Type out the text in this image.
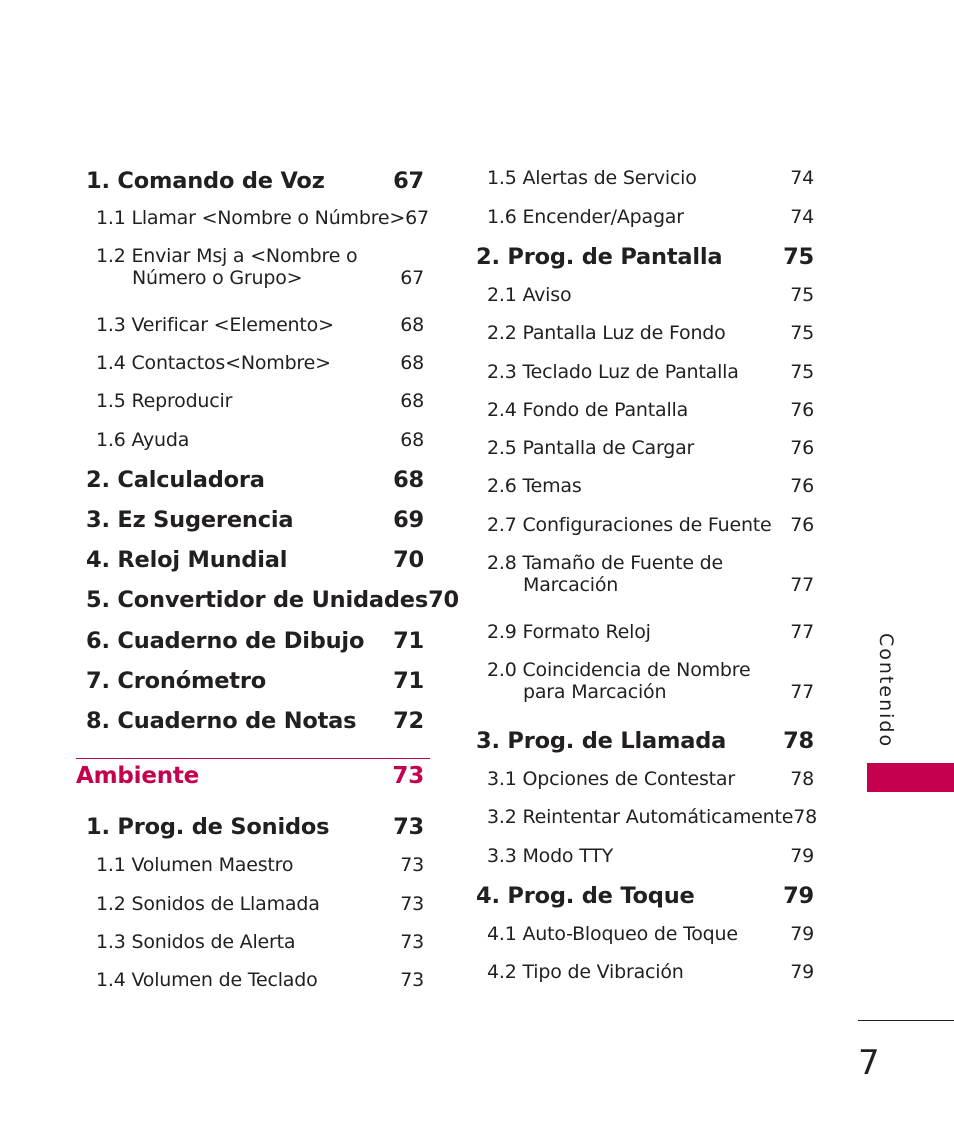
1. Comando de Voz	67
1.1 Llamar <Nombre o Númbre> 67
1.2 Enviar Msj a <Nombre o
Número o Grupo>	67
1.3 Verificar <Elemento>	68
1.4 Contactos<Nombre>	68
1.5 Reproducir	68
1.6 Ayuda	68
2. Calculadora	68
3. Ez Sugerencia	69
4. Reloj Mundial	70
5. Convertidor de Unidades 70
6. Cuaderno de Dibujo 71
7. Cronómetro	71
8. Cuaderno de Notas 72
Ambiente	73
1. Prog. de Sonidos	73
1.1 Volumen Maestro	73
1.2 Sonidos de Llamada	73
1.3 Sonidos de Alerta	73
1.4 Volumen de Teclado	73
1.5 Alertas de Servicio	74
1.6 Encender/Apagar	74
2. Prog. de Pantalla	75
2.1 Aviso	75
2.2 Pantalla Luz de Fondo	75
2.3 Teclado Luz de Pantalla	75
2.4 Fondo de Pantalla	76
2.5 Pantalla de Cargar	76
2.6 Temas	76
2.7 Configuraciones de Fuente 76
2.8 Tamaño de Fuente de
Marcación	77
2.9 Formato Reloj	77
2.0 Coincidencia de Nombre
para Marcación	77
3. Prog. de Llamada	78
3.1 Opciones de Contestar	78
3.2 Reintentar Automáticamente 78
3.3 Modo TTY	79
4. Prog. de Toque	79
4.1 Auto-Bloqueo de Toque	79
4.2 Tipo de Vibración	79
Contenido
7
